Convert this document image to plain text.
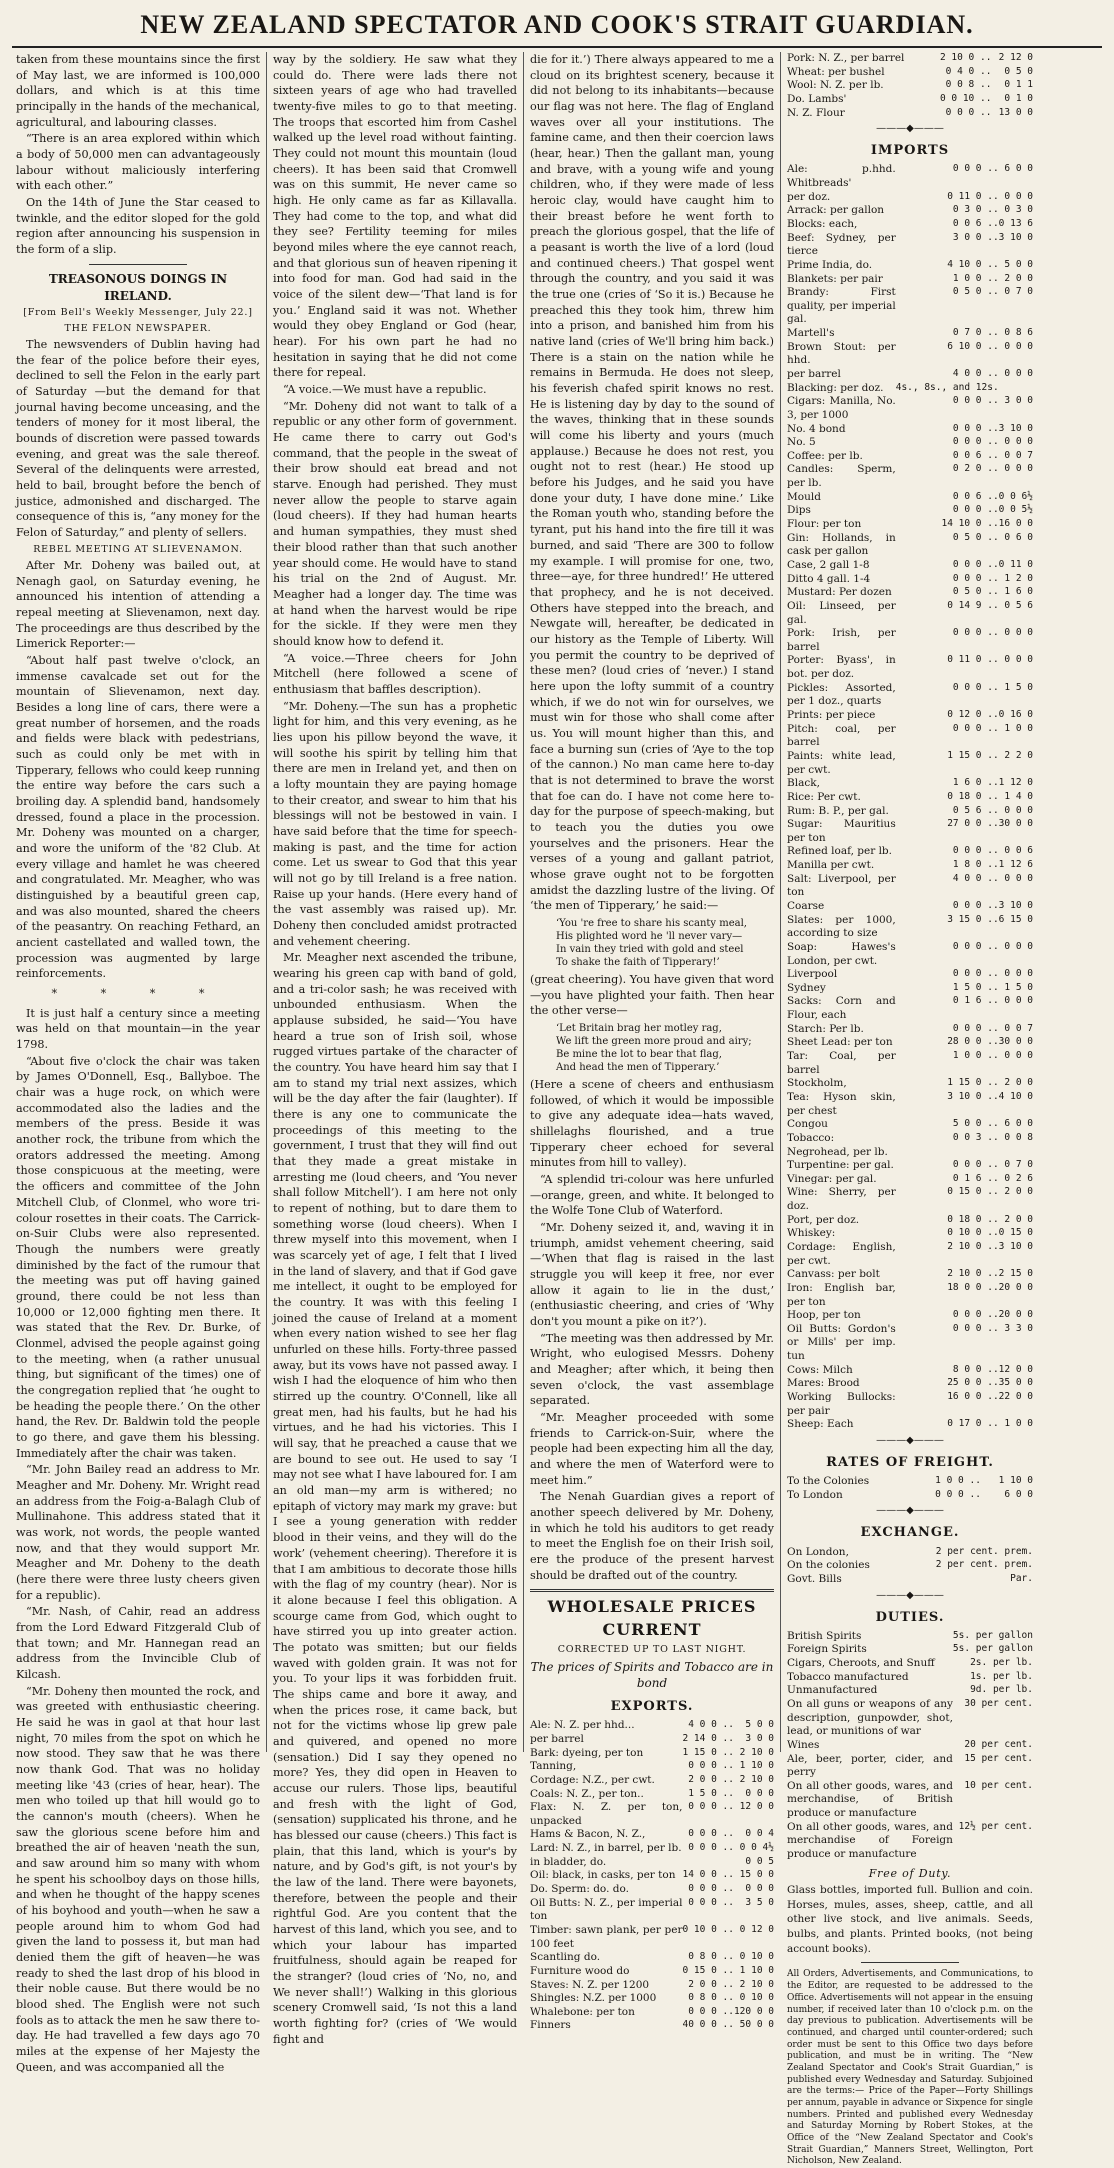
NEW ZEALAND SPECTATOR AND COOK'S STRAIT GUARDIAN.

taken from these mountains since the first of May last, we are informed is 100,000 dollars, and which is at this time principally in the hands of the mechanical, agricultural, and labouring classes.

“There is an area explored within which a body of 50,000 men can advantageously labour without maliciously interfering with each other.”

On the 14th of June the Star ceased to twinkle, and the editor sloped for the gold region after announcing his suspension in the form of a slip.

TREASONOUS DOINGS IN IRELAND.
[From Bell's Weekly Messenger, July 22.]
THE FELON NEWSPAPER.

The newsvenders of Dublin having had the fear of the police before their eyes, declined to sell the Felon in the early part of Saturday —but the demand for that journal having become unceasing, and the tenders of money for it most liberal, the bounds of discretion were passed towards evening, and great was the sale thereof. Several of the delinquents were arrested, held to bail, brought before the bench of justice, admonished and discharged. The consequence of this is, “any money for the Felon of Saturday,” and plenty of sellers.

REBEL MEETING AT SLIEVENAMON.

After Mr. Doheny was bailed out, at Nenagh gaol, on Saturday evening, he announced his intention of attending a repeal meeting at Slievenamon, next day. The proceedings are thus described by the Limerick Reporter:—

“About half past twelve o'clock, an immense cavalcade set out for the mountain of Slievenamon, next day. Besides a long line of cars, there were a great number of horsemen, and the roads and fields were black with pedestrians, such as could only be met with in Tipperary, fellows who could keep running the entire way before the cars such a broiling day. A splendid band, handsomely dressed, found a place in the procession. Mr. Doheny was mounted on a charger, and wore the uniform of the '82 Club. At every village and hamlet he was cheered and congratulated. Mr. Meagher, who was distinguished by a beautiful green cap, and was also mounted, shared the cheers of the peasantry. On reaching Fethard, an ancient castellated and walled town, the procession was augmented by large reinforcements.

* * * *

It is just half a century since a meeting was held on that mountain—in the year 1798.

“About five o'clock the chair was taken by James O'Donnell, Esq., Ballyboe. The chair was a huge rock, on which were accommodated also the ladies and the members of the press. Beside it was another rock, the tribune from which the orators addressed the meeting. Among those conspicuous at the meeting, were the officers and committee of the John Mitchell Club, of Clonmel, who wore tri-colour rosettes in their coats. The Carrick-on-Suir Clubs were also represented. Though the numbers were greatly diminished by the fact of the rumour that the meeting was put off having gained ground, there could be not less than 10,000 or 12,000 fighting men there. It was stated that the Rev. Dr. Burke, of Clonmel, advised the people against going to the meeting, when (a rather unusual thing, but significant of the times) one of the congregation replied that ‘he ought to be heading the people there.’ On the other hand, the Rev. Dr. Baldwin told the people to go there, and gave them his blessing. Immediately after the chair was taken.

“Mr. John Bailey read an address to Mr. Meagher and Mr. Doheny. Mr. Wright read an address from the Foig-a-Balagh Club of Mullinahone. This address stated that it was work, not words, the people wanted now, and that they would support Mr. Meagher and Mr. Doheny to the death (here there were three lusty cheers given for a republic).

“Mr. Nash, of Cahir, read an address from the Lord Edward Fitzgerald Club of that town; and Mr. Hannegan read an address from the Invincible Club of Kilcash.

“Mr. Doheny then mounted the rock, and was greeted with enthusiastic cheering. He said he was in gaol at that hour last night, 70 miles from the spot on which he now stood. They saw that he was there now thank God. That was no holiday meeting like '43 (cries of hear, hear). The men who toiled up that hill would go to the cannon's mouth (cheers). When he saw the glorious scene before him and breathed the air of heaven 'neath the sun, and saw around him so many with whom he spent his schoolboy days on those hills, and when he thought of the happy scenes of his boyhood and youth—when he saw a people around him to whom God had given the land to possess it, but man had denied them the gift of heaven—he was ready to shed the last drop of his blood in their noble cause. But there would be no blood shed. The English were not such fools as to attack the men he saw there to-day. He had travelled a few days ago 70 miles at the expense of her Majesty the Queen, and was accompanied all the

way by the soldiery. He saw what they could do. There were lads there not sixteen years of age who had travelled twenty-five miles to go to that meeting. The troops that escorted him from Cashel walked up the level road without fainting. They could not mount this mountain (loud cheers). It has been said that Cromwell was on this summit, He never came so high. He only came as far as Killavalla. They had come to the top, and what did they see? Fertility teeming for miles beyond miles where the eye cannot reach, and that glorious sun of heaven ripening it into food for man. God had said in the voice of the silent dew—‘That land is for you.’ England said it was not. Whether would they obey England or God (hear, hear). For his own part he had no hesitation in saying that he did not come there for repeal.

“A voice.—We must have a republic.

“Mr. Doheny did not want to talk of a republic or any other form of government. He came there to carry out God's command, that the people in the sweat of their brow should eat bread and not starve. Enough had perished. They must never allow the people to starve again (loud cheers). If they had human hearts and human sympathies, they must shed their blood rather than that such another year should come. He would have to stand his trial on the 2nd of August. Mr. Meagher had a longer day. The time was at hand when the harvest would be ripe for the sickle. If they were men they should know how to defend it.

“A voice.—Three cheers for John Mitchell (here followed a scene of enthusiasm that baffles description).

“Mr. Doheny.—The sun has a prophetic light for him, and this very evening, as he lies upon his pillow beyond the wave, it will soothe his spirit by telling him that there are men in Ireland yet, and then on a lofty mountain they are paying homage to their creator, and swear to him that his blessings will not be bestowed in vain. I have said before that the time for speech-making is past, and the time for action come. Let us swear to God that this year will not go by till Ireland is a free nation. Raise up your hands. (Here every hand of the vast assembly was raised up). Mr. Doheny then concluded amidst protracted and vehement cheering.

Mr. Meagher next ascended the tribune, wearing his green cap with band of gold, and a tri-color sash; he was received with unbounded enthusiasm. When the applause subsided, he said—‘You have heard a true son of Irish soil, whose rugged virtues partake of the character of the country. You have heard him say that I am to stand my trial next assizes, which will be the day after the fair (laughter). If there is any one to communicate the proceedings of this meeting to the government, I trust that they will find out that they made a great mistake in arresting me (loud cheers, and ‘You never shall follow Mitchell’). I am here not only to repent of nothing, but to dare them to something worse (loud cheers). When I threw myself into this movement, when I was scarcely yet of age, I felt that I lived in the land of slavery, and that if God gave me intellect, it ought to be employed for the country. It was with this feeling I joined the cause of Ireland at a moment when every nation wished to see her flag unfurled on these hills. Forty-three passed away, but its vows have not passed away. I wish I had the eloquence of him who then stirred up the country. O'Connell, like all great men, had his faults, but he had his virtues, and he had his victories. This I will say, that he preached a cause that we are bound to see out. He used to say ‘I may not see what I have laboured for. I am an old man—my arm is withered; no epitaph of victory may mark my grave: but I see a young generation with redder blood in their veins, and they will do the work’ (vehement cheering). Therefore it is that I am ambitious to decorate those hills with the flag of my country (hear). Nor is it alone because I feel this obligation. A scourge came from God, which ought to have stirred you up into greater action. The potato was smitten; but our fields waved with golden grain. It was not for you. To your lips it was forbidden fruit. The ships came and bore it away, and when the prices rose, it came back, but not for the victims whose lip grew pale and quivered, and opened no more (sensation.) Did I say they opened no more? Yes, they did open in Heaven to accuse our rulers. Those lips, beautiful and fresh with the light of God, (sensation) supplicated his throne, and he has blessed our cause (cheers.) This fact is plain, that this land, which is your's by nature, and by God's gift, is not your's by the law of the land. There were bayonets, therefore, between the people and their rightful God. Are you content that the harvest of this land, which you see, and to which your labour has imparted fruitfulness, should again be reaped for the stranger? (loud cries of ‘No, no, and We never shall!’) Walking in this glorious scenery Cromwell said, ‘Is not this a land worth fighting for? (cries of ‘We would fight and

die for it.’) There always appeared to me a cloud on its brightest scenery, because it did not belong to its inhabitants—because our flag was not here. The flag of England waves over all your institutions. The famine came, and then their coercion laws (hear, hear.) Then the gallant man, young and brave, with a young wife and young children, who, if they were made of less heroic clay, would have caught him to their breast before he went forth to preach the glorious gospel, that the life of a peasant is worth the live of a lord (loud and continued cheers.) That gospel went through the country, and you said it was the true one (cries of ‘So it is.) Because he preached this they took him, threw him into a prison, and banished him from his native land (cries of We'll bring him back.) There is a stain on the nation while he remains in Bermuda. He does not sleep, his feverish chafed spirit knows no rest. He is listening day by day to the sound of the waves, thinking that in these sounds will come his liberty and yours (much applause.) Because he does not rest, you ought not to rest (hear.) He stood up before his Judges, and he said you have done your duty, I have done mine.’ Like the Roman youth who, standing before the tyrant, put his hand into the fire till it was burned, and said ‘There are 300 to follow my example. I will promise for one, two, three—aye, for three hundred!’ He uttered that prophecy, and he is not deceived. Others have stepped into the breach, and Newgate will, hereafter, be dedicated in our history as the Temple of Liberty. Will you permit the country to be deprived of these men? (loud cries of ‘never.) I stand here upon the lofty summit of a country which, if we do not win for ourselves, we must win for those who shall come after us. You will mount higher than this, and face a burning sun (cries of ‘Aye to the top of the cannon.) No man came here to-day that is not determined to brave the worst that foe can do. I have not come here to-day for the purpose of speech-making, but to teach you the duties you owe yourselves and the prisoners. Hear the verses of a young and gallant patriot, whose grave ought not to be forgotten amidst the dazzling lustre of the living. Of ‘the men of Tipperary,’ he said:—

‘You 're free to share his scanty meal,
His plighted word he 'll never vary—
In vain they tried with gold and steel
To shake the faith of Tipperary!’

(great cheering). You have given that word—you have plighted your faith. Then hear the other verse—

‘Let Britain brag her motley rag,
We lift the green more proud and airy;
Be mine the lot to bear that flag,
And head the men of Tipperary.’

(Here a scene of cheers and enthusiasm followed, of which it would be impossible to give any adequate idea—hats waved, shillelaghs flourished, and a true Tipperary cheer echoed for several minutes from hill to valley).

“A splendid tri-colour was here unfurled—orange, green, and white. It belonged to the Wolfe Tone Club of Waterford.

“Mr. Doheny seized it, and, waving it in triumph, amidst vehement cheering, said—‘When that flag is raised in the last struggle you will keep it free, nor ever allow it again to lie in the dust,’ (enthusiastic cheering, and cries of ‘Why don't you mount a pike on it?’).

“The meeting was then addressed by Mr. Wright, who eulogised Messrs. Doheny and Meagher; after which, it being then seven o'clock, the vast assemblage separated.

“Mr. Meagher proceeded with some friends to Carrick-on-Suir, where the people had been expecting him all the day, and where the men of Waterford were to meet him.”

The Nenah Guardian gives a report of another speech delivered by Mr. Doheny, in which he told his auditors to get ready to meet the English foe on their Irish soil, ere the produce of the present harvest should be drafted out of the country.

WHOLESALE PRICES CURRENT
CORRECTED UP TO LAST NIGHT.
The prices of Spirits and Tobacco are in bond
EXPORTS.
Ale: N. Z. per hhd...	4 0 0 ..	5 0 0
per barrel	2 14 0 ..	3 0 0
Bark: dyeing, per ton	1 15 0 ..	2 10 0
Tanning,	0 0 0 ..	1 10 0
Cordage: N.Z., per cwt.	2 0 0 ..	2 10 0
Coals: N. Z., per ton..	1 5 0 ..	0 0 0
Flax: N. Z. per ton, unpacked	0 0 0 ..	12 0 0
Hams & Bacon, N. Z.,	0 0 0 ..	0 0 4
Lard: N. Z., in barrel, per lb.	0 0 0 ..	0 0 4½
in bladder, do.		0 0 5
Oil: black, in casks, per ton	14 0 0 ..	15 0 0
Do. Sperm: do. do.	0 0 0 ..	0 0 0
Oil Butts: N. Z., per imperial ton	0 0 0 ..	3 5 0
Timber: sawn plank, per per 100 feet	0 10 0 ..	0 12 0
Scantling do.	0 8 0 ..	0 10 0
Furniture wood do	0 15 0 ..	1 10 0
Staves: N. Z. per 1200	2 0 0 ..	2 10 0
Shingles: N.Z. per 1000	0 8 0 ..	0 10 0
Whalebone: per ton	0 0 0 ..	120 0 0
Finners	40 0 0 ..	50 0 0
Pork: N. Z., per barrel	2 10 0 ..	2 12 0
Wheat: per bushel	0 4 0 ..	0 5 0
Wool: N. Z. per lb.	0 0 8 ..	0 1 1
Do. Lambs'	0 0 10 ..	0 1 0
N. Z. Flour	0 0 0 ..	13 0 0
———◆———
IMPORTS
Ale: p.hhd. Whitbreads'	0 0 0 ..	6 0 0
per doz.	0 11 0 ..	0 0 0
Arrack: per gallon	0 3 0 ..	0 3 0
Blocks: each,	0 0 6 ..	0 13 6
Beef: Sydney, per tierce	3 0 0 ..	3 10 0
Prime India, do.	4 10 0 ..	5 0 0
Blankets: per pair	1 0 0 ..	2 0 0
Brandy: First quality, per imperial gal.	0 5 0 ..	0 7 0
Martell's	0 7 0 ..	0 8 6
Brown Stout: per hhd.	6 10 0 ..	0 0 0
per barrel	4 0 0 ..	0 0 0
Blacking: per doz.	4s., 8s., and 12s.	
Cigars: Manilla, No. 3, per 1000	0 0 0 ..	3 0 0
No. 4 bond	0 0 0 ..	3 10 0
No. 5	0 0 0 ..	0 0 0
Coffee: per lb.	0 0 6 ..	0 0 7
Candles: Sperm, per lb.	0 2 0 ..	0 0 0
Mould	0 0 6 ..	0 0 6½
Dips	0 0 0 ..	0 0 5½
Flour: per ton	14 10 0 ..	16 0 0
Gin: Hollands, in cask per gallon	0 5 0 ..	0 6 0
Case, 2 gall 1-8	0 0 0 ..	0 11 0
Ditto 4 gall. 1-4	0 0 0 ..	1 2 0
Mustard: Per dozen	0 5 0 ..	1 6 0
Oil: Linseed, per gal.	0 14 9 ..	0 5 6
Pork: Irish, per barrel	0 0 0 ..	0 0 0
Porter: Byass', in bot. per doz.	0 11 0 ..	0 0 0
Pickles: Assorted, per 1 doz., quarts	0 0 0 ..	1 5 0
Prints: per piece	0 12 0 ..	0 16 0
Pitch: coal, per barrel	0 0 0 ..	1 0 0
Paints: white lead, per cwt.	1 15 0 ..	2 2 0
Black,	1 6 0 ..	1 12 0
Rice: Per cwt.	0 18 0 ..	1 4 0
Rum: B. P., per gal.	0 5 6 ..	0 0 0
Sugar: Mauritius per ton	27 0 0 ..	30 0 0
Refined loaf, per lb.	0 0 0 ..	0 0 6
Manilla per cwt.	1 8 0 ..	1 12 6
Salt: Liverpool, per ton	4 0 0 ..	0 0 0
Coarse	0 0 0 ..	3 10 0
Slates: per 1000, according to size	3 15 0 ..	6 15 0
Soap: Hawes's London, per cwt.	0 0 0 ..	0 0 0
Liverpool	0 0 0 ..	0 0 0
Sydney	1 5 0 ..	1 5 0
Sacks: Corn and Flour, each	0 1 6 ..	0 0 0
Starch: Per lb.	0 0 0 ..	0 0 7
Sheet Lead: per ton	28 0 0 ..	30 0 0
Tar: Coal, per barrel	1 0 0 ..	0 0 0
Stockholm,	1 15 0 ..	2 0 0
Tea: Hyson skin, per chest	3 10 0 ..	4 10 0
Congou	5 0 0 ..	6 0 0
Tobacco: Negrohead, per lb.	0 0 3 ..	0 0 8
Turpentine: per gal.	0 0 0 ..	0 7 0
Vinegar: per gal.	0 1 6 ..	0 2 6
Wine: Sherry, per doz.	0 15 0 ..	2 0 0
Port, per doz.	0 18 0 ..	2 0 0
Whiskey:	0 10 0 ..	0 15 0
Cordage: English, per cwt.	2 10 0 ..	3 10 0
Canvass: per bolt	2 10 0 ..	2 15 0
Iron: English bar, per ton	18 0 0 ..	20 0 0
Hoop, per ton	0 0 0 ..	20 0 0
Oil Butts: Gordon's or Mills' per imp. tun	0 0 0 ..	3 3 0
Cows: Milch	8 0 0 ..	12 0 0
Mares: Brood	25 0 0 ..	35 0 0
Working Bullocks: per pair	16 0 0 ..	22 0 0
Sheep: Each	0 17 0 ..	1 0 0
———◆———
RATES OF FREIGHT.
To the Colonies	1 0 0 ..	1 10 0
To London	0 0 0 ..	6 0 0
———◆———
EXCHANGE.
On London,	2 per cent. prem.
On the colonies	2 per cent. prem.
Govt. Bills	Par.
———◆———
DUTIES.
British Spirits	5s. per gallon
Foreign Spirits	5s. per gallon
Cigars, Cheroots, and Snuff	2s. per lb.
Tobacco manufactured	1s. per lb.
Unmanufactured	9d. per lb.
On all guns or weapons of any description, gunpowder, shot, lead, or munitions of war	30 per cent.
Wines	20 per cent.
Ale, beer, porter, cider, and perry	15 per cent.
On all other goods, wares, and merchandise, of British produce or manufacture	10 per cent.
On all other goods, wares, and merchandise of Foreign produce or manufacture	12½ per cent.
Free of Duty.

Glass bottles, imported full. Bullion and coin. Horses, mules, asses, sheep, cattle, and all other live stock, and live animals. Seeds, bulbs, and plants. Printed books, (not being account books).

All Orders, Advertisements, and Communications, to the Editor, are requested to be addressed to the Office. Advertisements will not appear in the ensuing number, if received later than 10 o'clock p.m. on the day previous to publication. Advertisements will be continued, and charged until counter-ordered; such order must be sent to this Office two days before publication, and must be in writing. The “New Zealand Spectator and Cook's Strait Guardian,” is published every Wednesday and Saturday. Subjoined are the terms:— Price of the Paper—Forty Shillings per annum, payable in advance or Sixpence for single numbers. Printed and published every Wednesday and Saturday Morning by Robert Stokes, at the Office of the “New Zealand Spectator and Cook's Strait Guardian,” Manners Street, Wellington, Port Nicholson, New Zealand.
